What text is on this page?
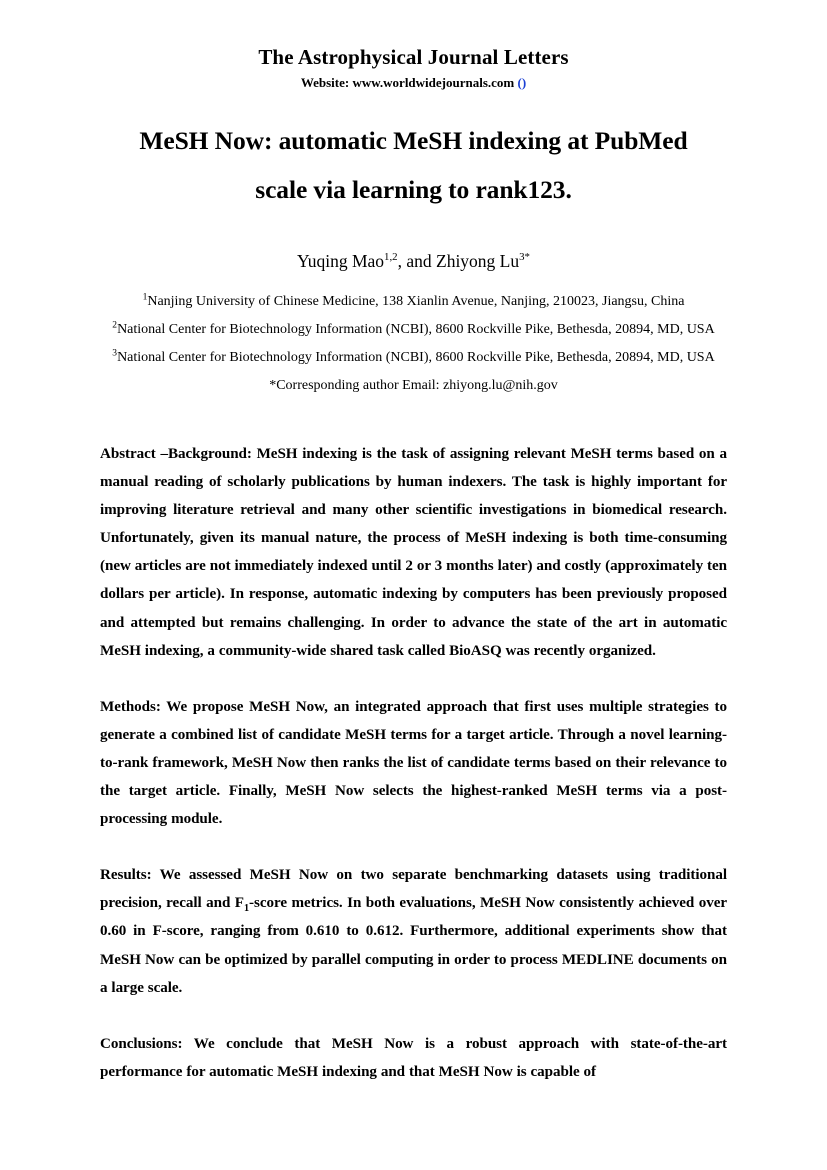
The Astrophysical Journal Letters
Website: www.worldwidejournals.com ()
MeSH Now: automatic MeSH indexing at PubMed
scale via learning to rank123.
Yuqing Mao$^{1,2}$, and Zhiyong $Lu^{3*}$
$^1$Nanjing University of Chinese Medicine, 138 Xianlin Avenue, Nanjing, 210023, Jiangsu, China
$^2$National Center for Biotechnology Information (NCBI), 8600 Rockville Pike, Bethesda, 20894, MD, USA
$^3$National Center for Biotechnology Information (NCBI), 8600 Rockville Pike, Bethesda, 20894, MD, USA
*Corresponding author Email: zhiyong.lu@nih.gov

Abstract –Background: MeSH indexing is the task of assigning relevant MeSH terms based on a manual reading of scholarly publications by human indexers. The task is highly important for improving literature retrieval and many other scientific investigations in biomedical research. Unfortunately, given its manual nature, the process of MeSH indexing is both time-consuming (new articles are not immediately indexed until 2 or 3 months later) and costly (approximately ten dollars per article). In response, automatic indexing by computers has been previously proposed and attempted but remains challenging. In order to advance the state of the art in automatic MeSH indexing, a community-wide shared task called BioASQ was recently organized.

Methods: We propose MeSH Now, an integrated approach that first uses multiple strategies to generate a combined list of candidate MeSH terms for a target article. Through a novel learning-to-rank framework, MeSH Now then ranks the list of candidate terms based on their relevance to the target article. Finally, MeSH Now selects the highest-ranked MeSH terms via a post-processing module.

Results: We assessed MeSH Now on two separate benchmarking datasets using traditional precision, recall and $F_1$-score metrics. In both evaluations, MeSH Now consistently achieved over 0.60 in F-score, ranging from 0.610 to 0.612. Furthermore, additional experiments show that MeSH Now can be optimized by parallel computing in order to process MEDLINE documents on a large scale.

Conclusions: We conclude that MeSH Now is a robust approach with state-of-the-art performance for automatic MeSH indexing and that MeSH Now is capable of
